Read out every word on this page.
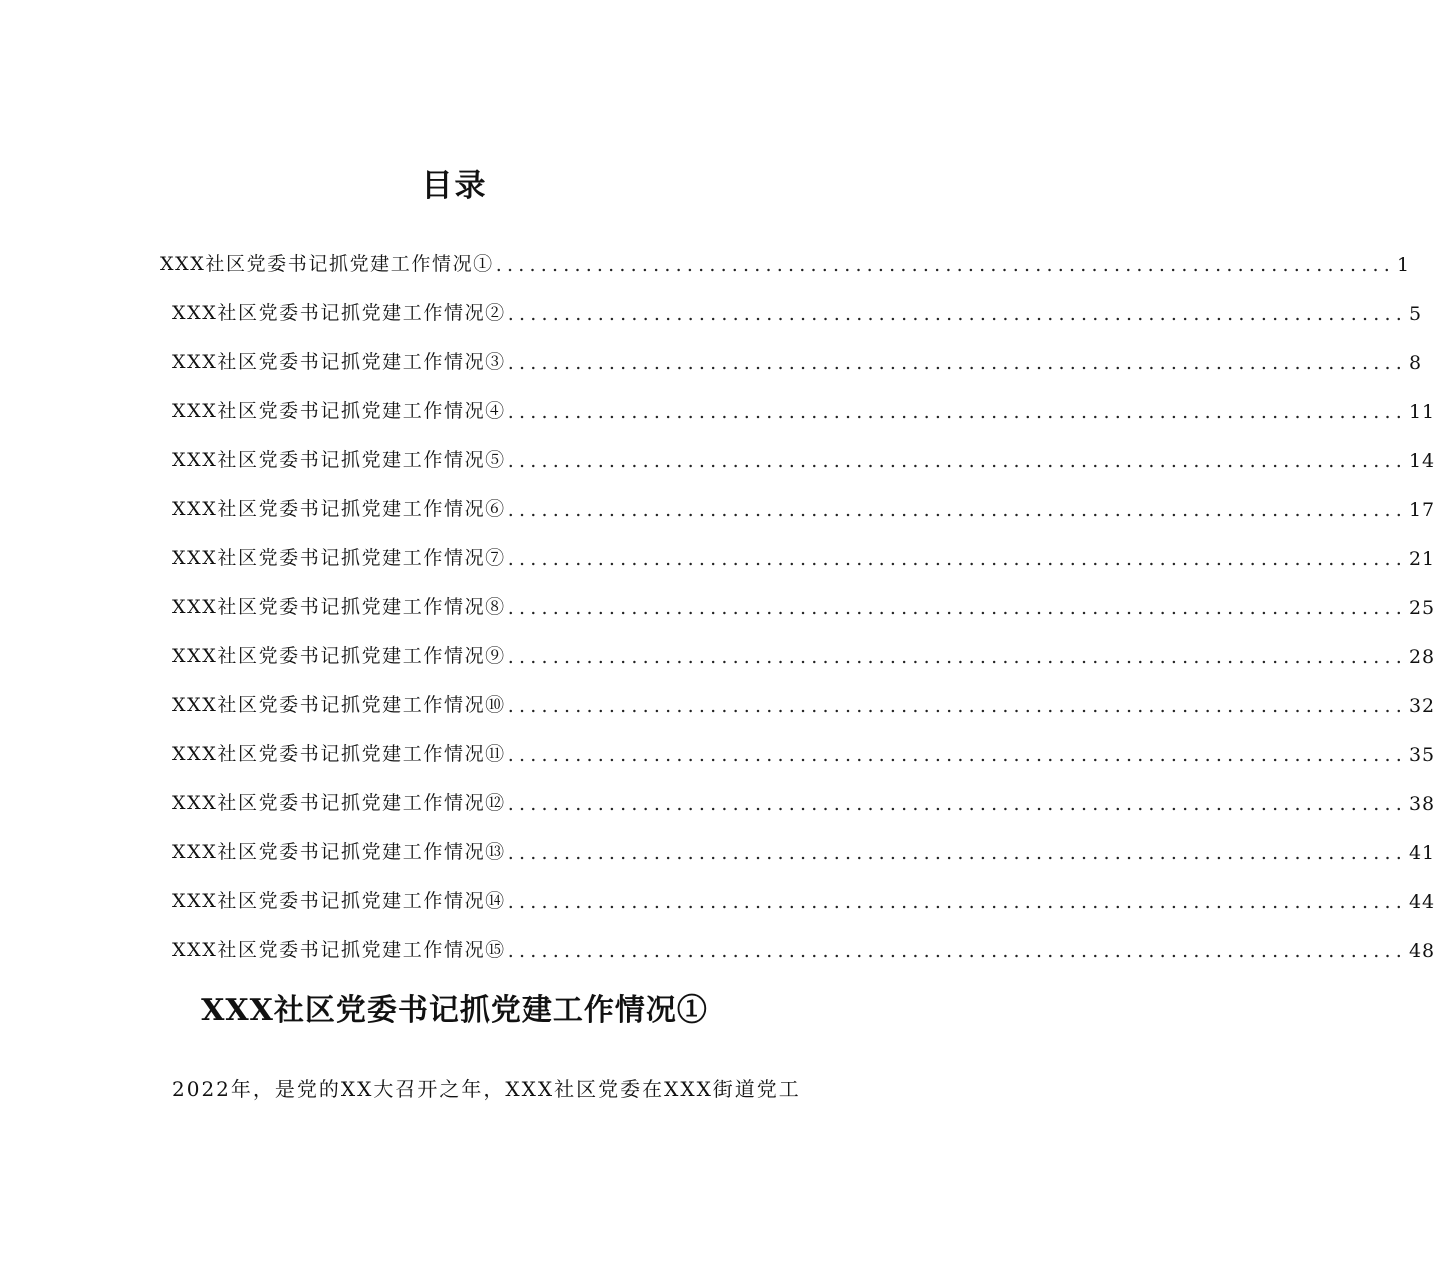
目录
XXX社区党委书记抓党建工作情况① ................................................................................ 1
XXX社区党委书记抓党建工作情况② ................................................................................ 5
XXX社区党委书记抓党建工作情况③ ................................................................................ 8
XXX社区党委书记抓党建工作情况④ ................................................................................ 11
XXX社区党委书记抓党建工作情况⑤ ................................................................................ 14
XXX社区党委书记抓党建工作情况⑥ ................................................................................ 17
XXX社区党委书记抓党建工作情况⑦ ................................................................................ 21
XXX社区党委书记抓党建工作情况⑧ ................................................................................ 25
XXX社区党委书记抓党建工作情况⑨ ................................................................................ 28
XXX社区党委书记抓党建工作情况⑩ ................................................................................ 32
XXX社区党委书记抓党建工作情况⑪ ................................................................................ 35
XXX社区党委书记抓党建工作情况⑫ ................................................................................ 38
XXX社区党委书记抓党建工作情况⑬ ................................................................................ 41
XXX社区党委书记抓党建工作情况⑭ ................................................................................ 44
XXX社区党委书记抓党建工作情况⑮ ................................................................................ 48
XXX社区党委书记抓党建工作情况①
2022年，是党的XX大召开之年，XXX社区党委在XXX街道党工
